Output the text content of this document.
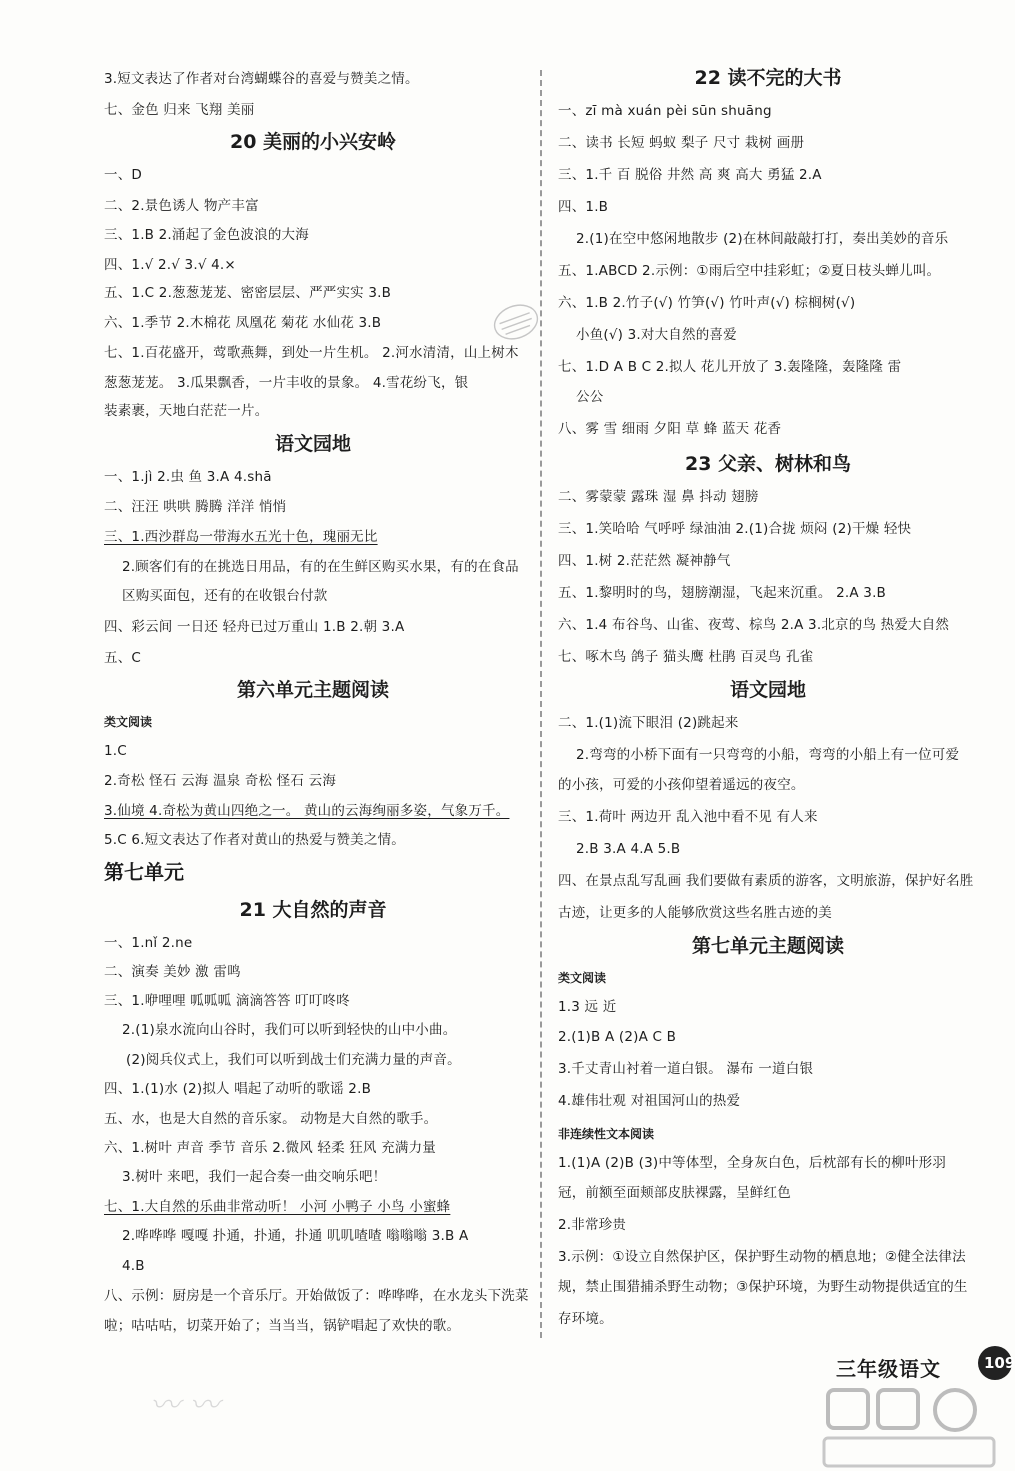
3.短文表达了作者对台湾蝴蝶谷的喜爱与赞美之情。
七、金色 归来 飞翔 美丽
20 美丽的小兴安岭
一、D
二、2.景色诱人 物产丰富
三、1.B 2.涌起了金色波浪的大海
四、1.√ 2.√ 3.√ 4.×
五、1.C 2.葱葱茏茏、密密层层、严严实实 3.B
六、1.季节 2.木棉花 凤凰花 菊花 水仙花 3.B
七、1.百花盛开，莺歌燕舞，到处一片生机。 2.河水清清，山上树木
葱葱茏茏。 3.瓜果飘香，一片丰收的景象。 4.雪花纷飞，银
装素裹，天地白茫茫一片。
语文园地
一、1.jì 2.虫 鱼 3.A 4.shā
二、汪汪 哄哄 腾腾 洋洋 悄悄
三、1.西沙群岛一带海水五光十色，瑰丽无比
2.顾客们有的在挑选日用品，有的在生鲜区购买水果，有的在食品
区购买面包，还有的在收银台付款
四、彩云间 一日还 轻舟已过万重山 1.B 2.朝 3.A
五、C
第六单元主题阅读
类文阅读
1.C
2.奇松 怪石 云海 温泉 奇松 怪石 云海
3.仙境 4.奇松为黄山四绝之一。 黄山的云海绚丽多姿，气象万千。
5.C 6.短文表达了作者对黄山的热爱与赞美之情。
第七单元
21 大自然的声音
一、1.nǐ 2.ne
二、演奏 美妙 激 雷鸣
三、1.咿哩哩 呱呱呱 滴滴答答 叮叮咚咚
2.(1)泉水流向山谷时，我们可以听到轻快的山中小曲。
(2)阅兵仪式上，我们可以听到战士们充满力量的声音。
四、1.(1)水 (2)拟人 唱起了动听的歌谣 2.B
五、水，也是大自然的音乐家。 动物是大自然的歌手。
六、1.树叶 声音 季节 音乐 2.微风 轻柔 狂风 充满力量
3.树叶 来吧，我们一起合奏一曲交响乐吧！
七、1.大自然的乐曲非常动听！ 小河 小鸭子 小鸟 小蜜蜂
2.哗哗哗 嘎嘎 扑通，扑通，扑通 叽叽喳喳 嗡嗡嗡 3.B A
4.B
八、示例：厨房是一个音乐厅。开始做饭了：哗哗哗，在水龙头下洗菜
啦；咕咕咕，切菜开始了；当当当，锅铲唱起了欢快的歌。
22 读不完的大书
一、zī mà xuán pèi sūn shuāng
二、读书 长短 蚂蚁 梨子 尺寸 栽树 画册
三、1.千 百 脱俗 井然 高 爽 高大 勇猛 2.A
四、1.B
2.(1)在空中悠闲地散步 (2)在林间敲敲打打，奏出美妙的音乐
五、1.ABCD 2.示例：①雨后空中挂彩虹；②夏日枝头蝉儿叫。
六、1.B 2.竹子(√) 竹笋(√) 竹叶声(√) 棕榈树(√)
小鱼(√) 3.对大自然的喜爱
七、1.D A B C 2.拟人 花儿开放了 3.轰隆隆，轰隆隆 雷
公公
八、雾 雪 细雨 夕阳 草 蜂 蓝天 花香
23 父亲、树林和鸟
二、雾蒙蒙 露珠 湿 鼻 抖动 翅膀
三、1.笑哈哈 气呼呼 绿油油 2.(1)合拢 烦闷 (2)干燥 轻快
四、1.树 2.茫茫然 凝神静气
五、1.黎明时的鸟，翅膀潮湿，飞起来沉重。 2.A 3.B
六、1.4 布谷鸟、山雀、夜莺、棕鸟 2.A 3.北京的鸟 热爱大自然
七、啄木鸟 鸽子 猫头鹰 杜鹃 百灵鸟 孔雀
语文园地
二、1.(1)流下眼泪 (2)跳起来
2.弯弯的小桥下面有一只弯弯的小船，弯弯的小船上有一位可爱
的小孩，可爱的小孩仰望着遥远的夜空。
三、1.荷叶 两边开 乱入池中看不见 有人来
2.B 3.A 4.A 5.B
四、在景点乱写乱画 我们要做有素质的游客，文明旅游，保护好名胜
古迹，让更多的人能够欣赏这些名胜古迹的美
第七单元主题阅读
类文阅读
1.3 远 近
2.(1)B A (2)A C B
3.千丈青山衬着一道白银。 瀑布 一道白银
4.雄伟壮观 对祖国河山的热爱
非连续性文本阅读
1.(1)A (2)B (3)中等体型，全身灰白色，后枕部有长的柳叶形羽
冠，前额至面颊部皮肤裸露，呈鲜红色
2.非常珍贵
3.示例：①设立自然保护区，保护野生动物的栖息地；②健全法律法
规，禁止围猎捕杀野生动物；③保护环境，为野生动物提供适宜的生
存环境。
〰 〰
三年级语文	109
